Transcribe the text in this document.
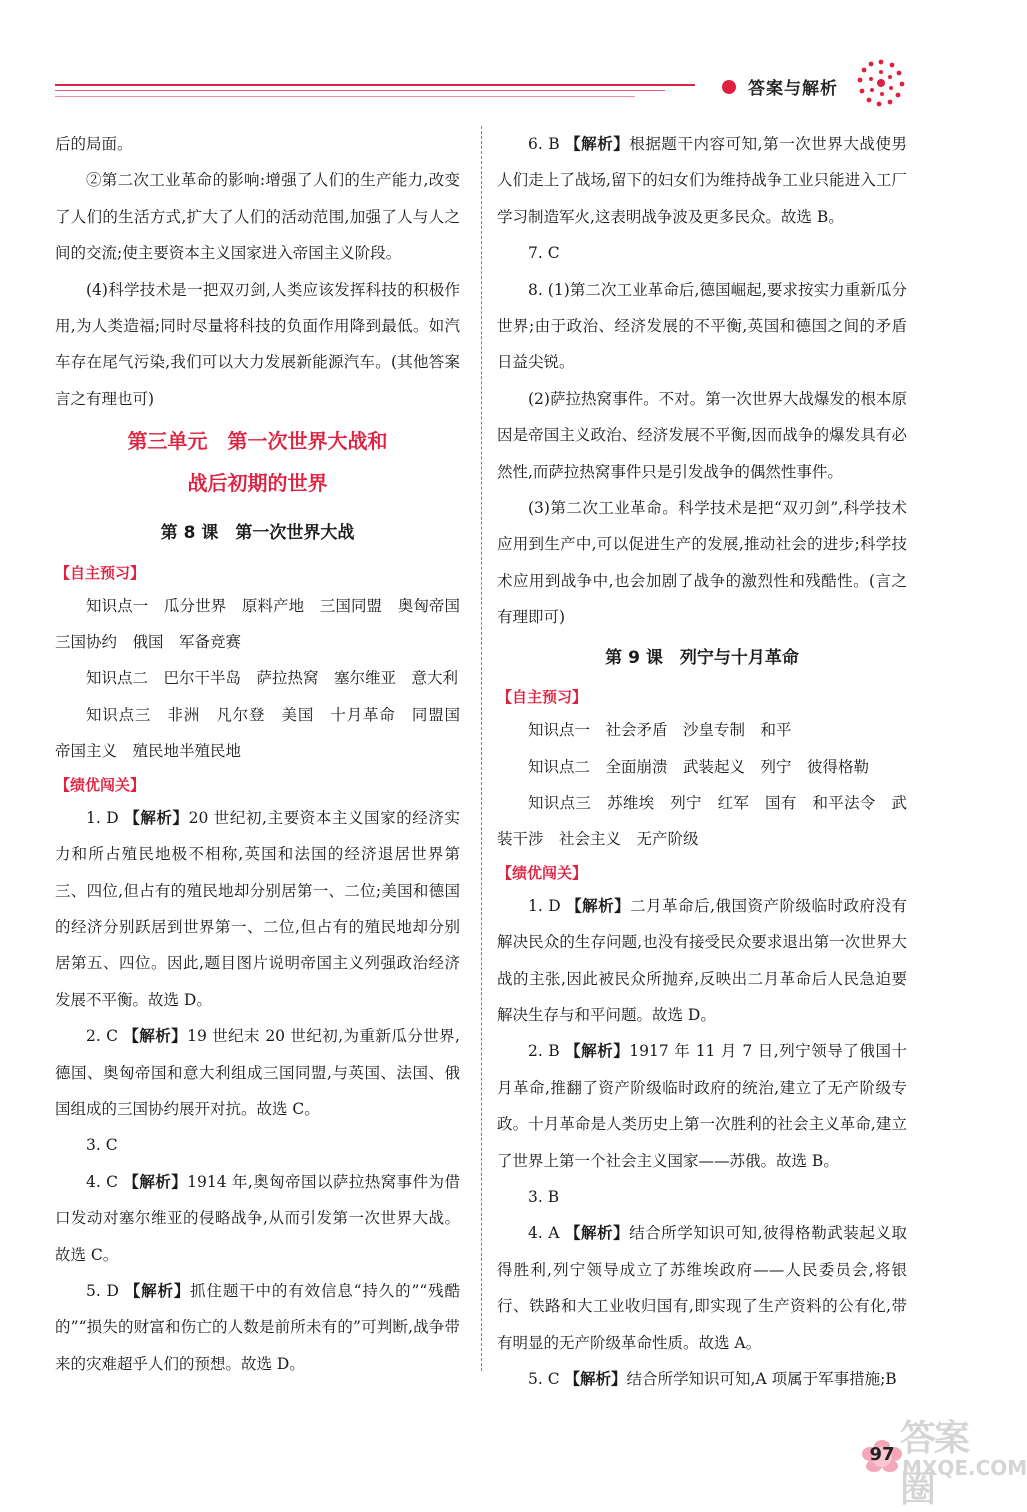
答案与解析

后的局面。

②第二次工业革命的影响:增强了人们的生产能力,改变了人们的生活方式,扩大了人们的活动范围,加强了人与人之间的交流;使主要资本主义国家进入帝国主义阶段。

(4)科学技术是一把双刃剑,人类应该发挥科技的积极作用,为人类造福;同时尽量将科技的负面作用降到最低。如汽车存在尾气污染,我们可以大力发展新能源汽车。(其他答案言之有理也可)

第三单元　第一次世界大战和
战后初期的世界
第 8 课　第一次世界大战
【自主预习】

知识点一　瓜分世界　原料产地　三国同盟　奥匈帝国　三国协约　俄国　军备竞赛

知识点二　巴尔干半岛　萨拉热窝　塞尔维亚　意大利

知识点三　非洲　凡尔登　美国　十月革命　同盟国　帝国主义　殖民地半殖民地

【绩优闯关】

1. D 【解析】20 世纪初,主要资本主义国家的经济实力和所占殖民地极不相称,英国和法国的经济退居世界第三、四位,但占有的殖民地却分别居第一、二位;美国和德国的经济分别跃居到世界第一、二位,但占有的殖民地却分别居第五、四位。因此,题目图片说明帝国主义列强政治经济发展不平衡。故选 D。

2. C 【解析】19 世纪末 20 世纪初,为重新瓜分世界,德国、奥匈帝国和意大利组成三国同盟,与英国、法国、俄国组成的三国协约展开对抗。故选 C。

3. C

4. C 【解析】1914 年,奥匈帝国以萨拉热窝事件为借口发动对塞尔维亚的侵略战争,从而引发第一次世界大战。故选 C。

5. D 【解析】抓住题干中的有效信息“持久的”“残酷的”“损失的财富和伤亡的人数是前所未有的”可判断,战争带来的灾难超乎人们的预想。故选 D。

6. B 【解析】根据题干内容可知,第一次世界大战使男人们走上了战场,留下的妇女们为维持战争工业只能进入工厂学习制造军火,这表明战争波及更多民众。故选 B。

7. C

8. (1)第二次工业革命后,德国崛起,要求按实力重新瓜分世界;由于政治、经济发展的不平衡,英国和德国之间的矛盾日益尖锐。

(2)萨拉热窝事件。不对。第一次世界大战爆发的根本原因是帝国主义政治、经济发展不平衡,因而战争的爆发具有必然性,而萨拉热窝事件只是引发战争的偶然性事件。

(3)第二次工业革命。科学技术是把“双刃剑”,科学技术应用到生产中,可以促进生产的发展,推动社会的进步;科学技术应用到战争中,也会加剧了战争的激烈性和残酷性。(言之有理即可)

第 9 课　列宁与十月革命
【自主预习】

知识点一　社会矛盾　沙皇专制　和平

知识点二　全面崩溃　武装起义　列宁　彼得格勒

知识点三　苏维埃　列宁　红军　国有　和平法令　武装干涉　社会主义　无产阶级

【绩优闯关】

1. D 【解析】二月革命后,俄国资产阶级临时政府没有解决民众的生存问题,也没有接受民众要求退出第一次世界大战的主张,因此被民众所抛弃,反映出二月革命后人民急迫要解决生存与和平问题。故选 D。

2. B 【解析】1917 年 11 月 7 日,列宁领导了俄国十月革命,推翻了资产阶级临时政府的统治,建立了无产阶级专政。十月革命是人类历史上第一次胜利的社会主义革命,建立了世界上第一个社会主义国家——苏俄。故选 B。

3. B

4. A 【解析】结合所学知识可知,彼得格勒武装起义取得胜利,列宁领导成立了苏维埃政府——人民委员会,将银行、铁路和大工业收归国有,即实现了生产资料的公有化,带有明显的无产阶级革命性质。故选 A。

5. C 【解析】结合所学知识可知,A 项属于军事措施;B

97 答案圈
MXQE.COM
